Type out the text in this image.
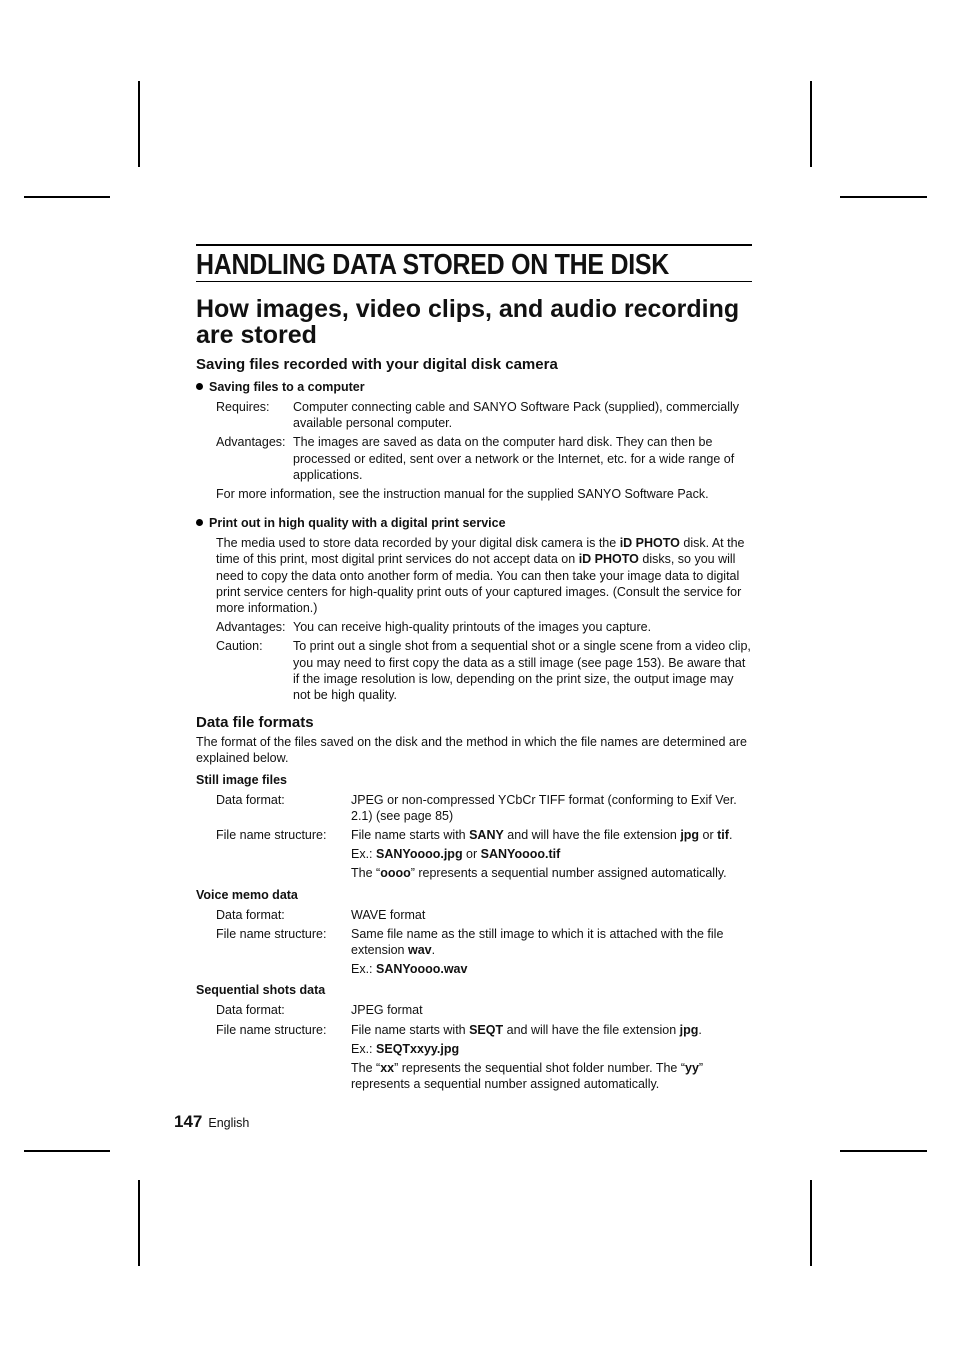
HANDLING DATA STORED ON THE DISK
How images, video clips, and audio recording are stored
Saving files recorded with your digital disk camera
Saving files to a computer
Requires:	Computer connecting cable and SANYO Software Pack (supplied), commercially available personal computer.
Advantages: The images are saved as data on the computer hard disk. They can then be processed or edited, sent over a network or the Internet, etc. for a wide range of applications.
For more information, see the instruction manual for the supplied SANYO Software Pack.
Print out in high quality with a digital print service
The media used to store data recorded by your digital disk camera is the iD PHOTO disk. At the time of this print, most digital print services do not accept data on iD PHOTO disks, so you will need to copy the data onto another form of media. You can then take your image data to digital print service centers for high-quality print outs of your captured images. (Consult the service for more information.)
Advantages: You can receive high-quality printouts of the images you capture.
Caution:	To print out a single shot from a sequential shot or a single scene from a video clip, you may need to first copy the data as a still image (see page 153). Be aware that if the image resolution is low, depending on the print size, the output image may not be high quality.
Data file formats
The format of the files saved on the disk and the method in which the file names are determined are explained below.
Still image files
Data format:	JPEG or non-compressed YCbCr TIFF format (conforming to Exif Ver. 2.1) (see page 85)
File name structure:	File name starts with SANY and will have the file extension jpg or tif.
Ex.: SANYoooo.jpg or SANYoooo.tif
The “oooo” represents a sequential number assigned automatically.
Voice memo data
Data format:	WAVE format
File name structure:	Same file name as the still image to which it is attached with the file extension wav.
Ex.: SANYoooo.wav
Sequential shots data
Data format:	JPEG format
File name structure:	File name starts with SEQT and will have the file extension jpg.
Ex.: SEQTxxyy.jpg
The “xx” represents the sequential shot folder number. The “yy” represents a sequential number assigned automatically.
147 English
